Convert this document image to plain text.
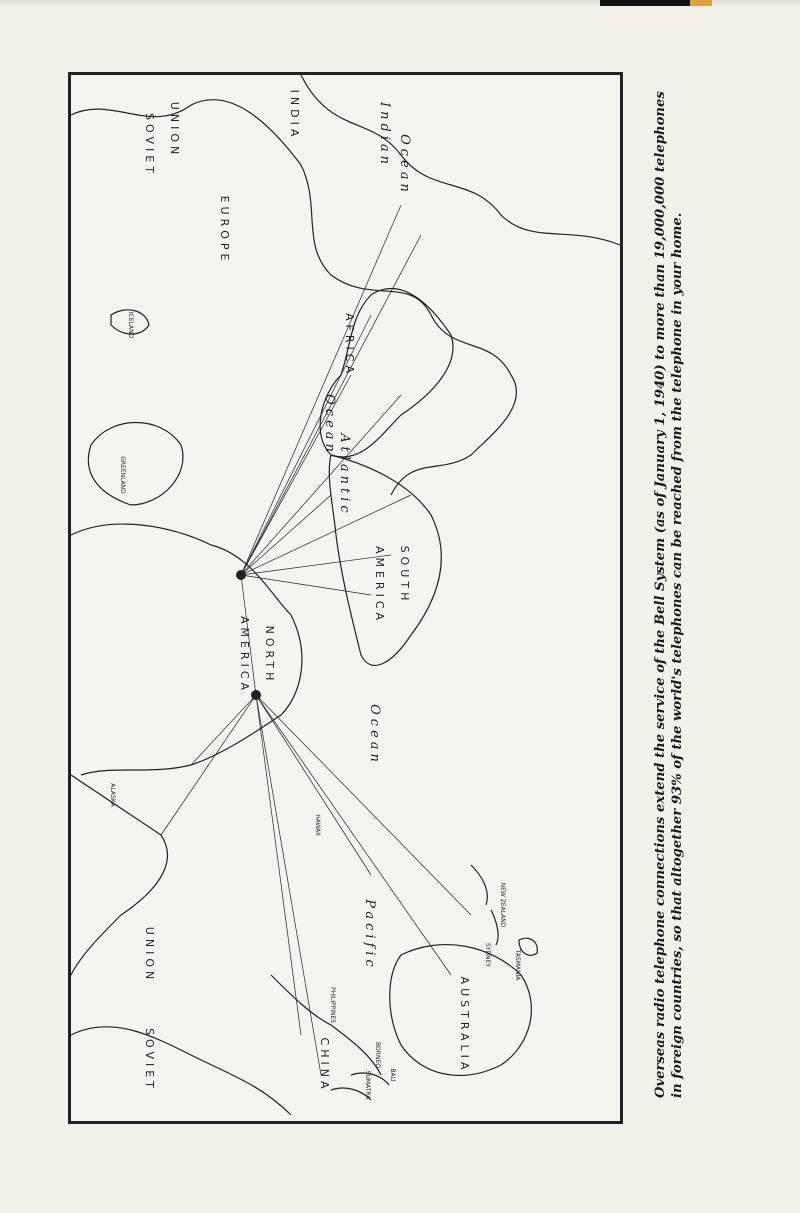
SOVIET UNION	INDIA
EUROPE
AFRICA
NORTH
AMERICA
SOUTH
AMERICA
AUSTRALIA
CHINA
SOVIET
UNION
GREENLAND
ICELAND
ALASKA
HAWAII
NEW ZEALAND
TASMANIA
SYDNEY
PHILIPPINES
BALI
SUMATRA
BORNEO
Indian Ocean
Atlantic
Ocean
Pacific
Ocean	Overseas radio telephone connections extend the service of the Bell System (as of January 1, 1940) to more than 19,000,000 telephones in foreign countries, so that altogether 93% of the world's telephones can be reached from the telephone in your home.
